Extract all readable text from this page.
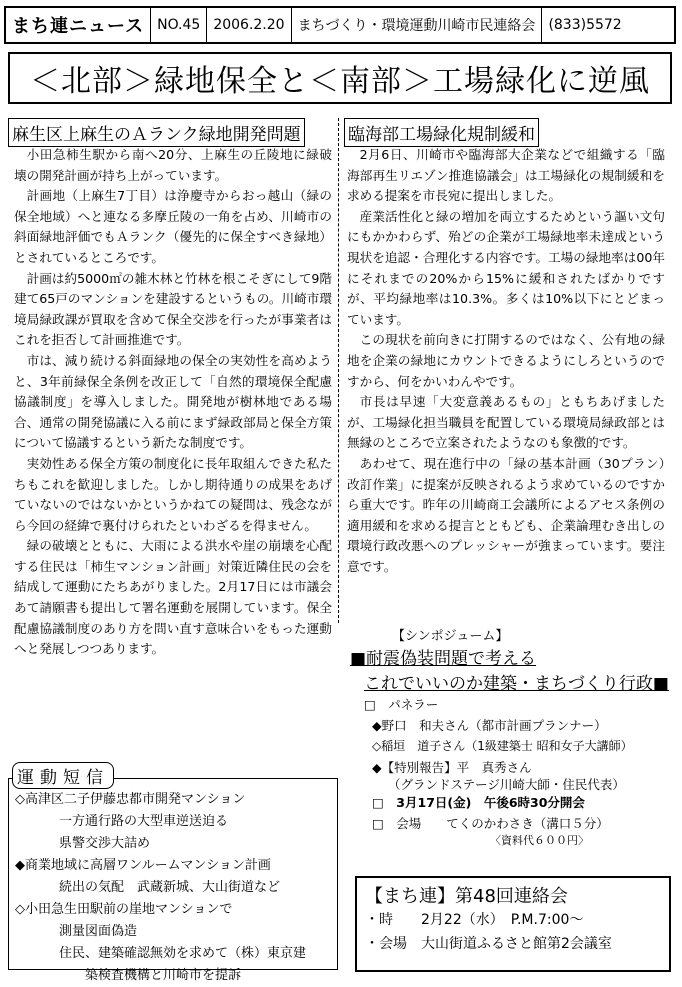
まち連ニュース NO.45 2006.2.20 まちづくり・環境運動川崎市民連絡会 (833)5572
＜北部＞緑地保全と＜南部＞工場緑化に逆風
麻生区上麻生のＡランク緑地開発問題	臨海部工場緑化規制緩和

小田急柿生駅から南へ20分、上麻生の丘陵地に緑破壊の開発計画が持ち上がっています。

計画地（上麻生7丁目）は浄慶寺からおっ越山（緑の保全地域）へと連なる多摩丘陵の一角を占め、川崎市の斜面緑地評価でもＡランク（優先的に保全すべき緑地）とされているところです。

計画は約5000㎡の雑木林と竹林を根こそぎにして9階建て65戸のマンションを建設するというもの。川崎市環境局緑政課が買取を含めて保全交渉を行ったが事業者はこれを拒否して計画推進です。

市は、減り続ける斜面緑地の保全の実効性を高めようと、3年前緑保全条例を改正して「自然的環境保全配慮協議制度」を導入しました。開発地が樹林地である場合、通常の開発協議に入る前にまず緑政部局と保全方策について協議するという新たな制度です。

実効性ある保全方策の制度化に長年取組んできた私たちもこれを歓迎しました。しかし期待通りの成果をあげていないのではないかというかねての疑問は、残念ながら今回の経緯で裏付けられたといわざるを得ません。

緑の破壊とともに、大雨による洪水や崖の崩壊を心配する住民は「柿生マンション計画」対策近隣住民の会を結成して運動にたちあがりました。2月17日には市議会あて請願書も提出して署名運動を展開しています。保全配慮協議制度のあり方を問い直す意味合いをもった運動へと発展しつつあります。

2月6日、川崎市や臨海部大企業などで組織する「臨海部再生リエゾン推進協議会」は工場緑化の規制緩和を求める提案を市長宛に提出しました。

産業活性化と緑の増加を両立するためという謳い文句にもかかわらず、殆どの企業が工場緑地率未達成という現状を追認・合理化する内容です。工場の緑地率は00年にそれまでの20%から15%に緩和されたばかりですが、平均緑地率は10.3%。多くは10%以下にとどまっています。

この現状を前向きに打開するのではなく、公有地の緑地を企業の緑地にカウントできるようにしろというのですから、何をかいわんやです。

市長は早速「大変意義あるもの」ともちあげましたが、工場緑化担当職員を配置している環境局緑政部とは無縁のところで立案されたようなのも象徴的です。

あわせて、現在進行中の「緑の基本計画（30プラン）改訂作業」に提案が反映されるよう求めているのですから重大です。昨年の川崎商工会議所によるアセス条例の適用緩和を求める提言とともども、企業論理むき出しの環境行政改悪へのプレッシャーが強まっています。要注意です。

◇高津区二子伊藤忠都市開発マンション
一方通行路の大型車逆送迫る
県警交渉大詰め
◆商業地域に高層ワンルームマンション計画
続出の気配　武蔵新城、大山街道など
◇小田急生田駅前の崖地マンションで
測量図面偽造
住民、建築確認無効を求めて（株）東京建
築検査機構と川崎市を提訴
運動短信
【シンポジューム】
■耐震偽装問題で考える
これでいいのか建築・まちづくり行政■
□　パネラー
◆野口　和夫さん（都市計画プランナー）
◇稲垣　道子さん（1級建築士 昭和女子大講師）
◆【特別報告】平　真秀さん
（グランドステージ川崎大師・住民代表）
□　3月17日(金)　午後6時30分開会
□　会場　　てくのかわさき（溝口５分）
〈資料代６００円〉
【まち連】第48回連絡会
・時　　2月22（水）　P.M.7:00～
・会場　大山街道ふるさと館第2会議室
